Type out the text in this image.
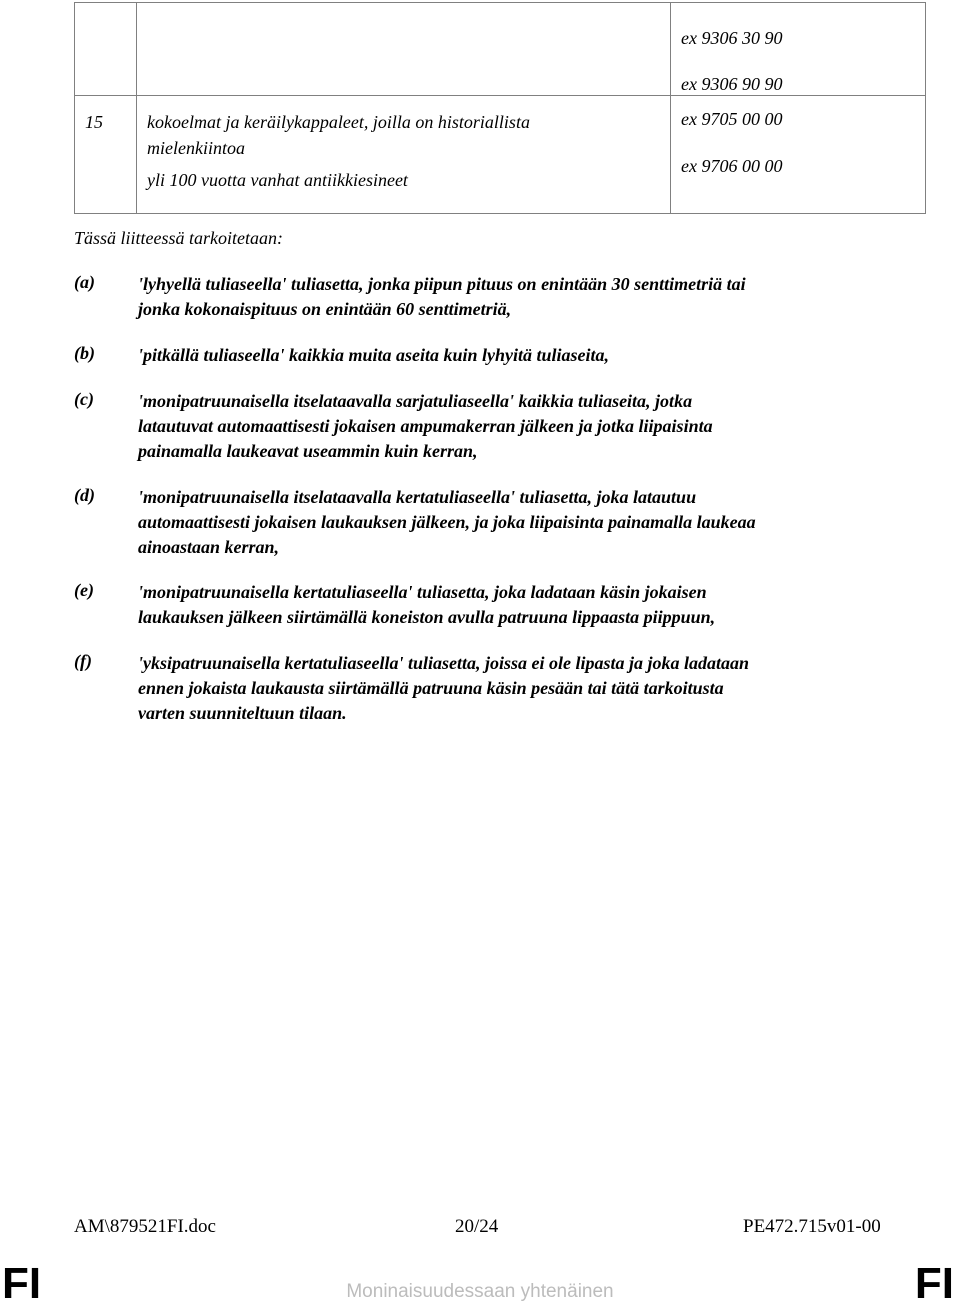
		ex 9306 30 90
ex 9306 90 90

15	kokoelmat ja keräilykappaleet, joilla on historiallista
mielenkiintoa
yli 100 vuotta vanhat antiikkiesineet	ex 9705 00 00
ex 9706 00 00

Tässä liitteessä tarkoitetaan:

(a)	'lyhyellä tuliaseella' tuliasetta, jonka piipun pituus on enintään 30 senttimetriä tai
jonka kokonaispituus on enintään 60 senttimetriä,
(b)	'pitkällä tuliaseella' kaikkia muita aseita kuin lyhyitä tuliaseita,
(c)	'monipatruunaisella itselataavalla sarjatuliaseella' kaikkia tuliaseita, jotka
latautuvat automaattisesti jokaisen ampumakerran jälkeen ja jotka liipaisinta
painamalla laukeavat useammin kuin kerran,
(d)	'monipatruunaisella itselataavalla kertatuliaseella' tuliasetta, joka latautuu
automaattisesti jokaisen laukauksen jälkeen, ja joka liipaisinta painamalla laukeaa
ainoastaan kerran,
(e)	'monipatruunaisella kertatuliaseella' tuliasetta, joka ladataan käsin jokaisen
laukauksen jälkeen siirtämällä koneiston avulla patruuna lippaasta piippuun,
(f)	'yksipatruunaisella kertatuliaseella' tuliasetta, joissa ei ole lipasta ja joka ladataan
ennen jokaista laukausta siirtämällä patruuna käsin pesään tai tätä tarkoitusta
varten suunniteltuun tilaan.
AM\879521FI.doc	20/24	PE472.715v01-00
FI	FI
Moninaisuudessaan yhtenäinen
